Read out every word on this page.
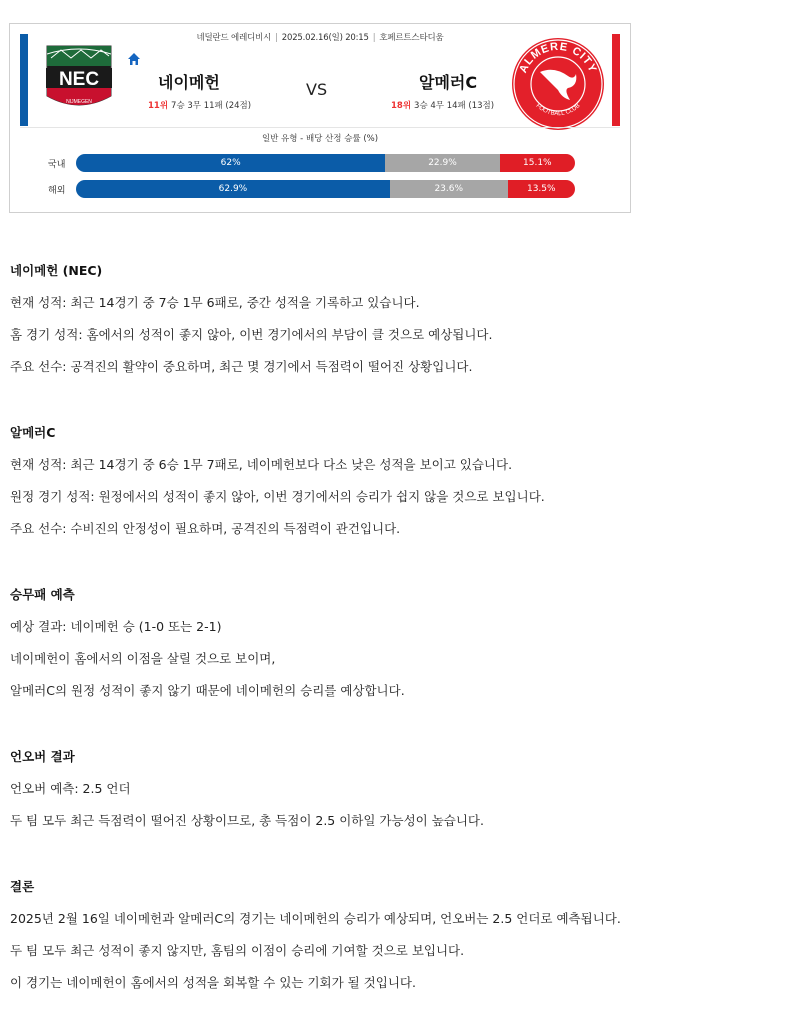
네덜란드 에레디비시 | 2025.02.16(일) 20:15 | 호페르트스타디움
NEC
NIJMEGEN
네이메헌	VS	알메러C
11위 7승 3무 11패 (24점)	18위 3승 4무 14패 (13점)
ALMERE CITY
FOOTBALL CLUB
일반 유형 - 배당 산정 승률 (%)
국내	62%	22.9%	15.1%
해외	62.9%	23.6%	13.5%
네이메헌 (NEC)
현재 성적: 최근 14경기 중 7승 1무 6패로, 중간 성적을 기록하고 있습니다.
홈 경기 성적: 홈에서의 성적이 좋지 않아, 이번 경기에서의 부담이 클 것으로 예상됩니다.
주요 선수: 공격진의 활약이 중요하며, 최근 몇 경기에서 득점력이 떨어진 상황입니다.
알메러C
현재 성적: 최근 14경기 중 6승 1무 7패로, 네이메헌보다 다소 낮은 성적을 보이고 있습니다.
원정 경기 성적: 원정에서의 성적이 좋지 않아, 이번 경기에서의 승리가 쉽지 않을 것으로 보입니다.
주요 선수: 수비진의 안정성이 필요하며, 공격진의 득점력이 관건입니다.
승무패 예측
예상 결과: 네이메헌 승 (1-0 또는 2-1)
네이메헌이 홈에서의 이점을 살릴 것으로 보이며,
알메러C의 원정 성적이 좋지 않기 때문에 네이메헌의 승리를 예상합니다.
언오버 결과
언오버 예측: 2.5 언더
두 팀 모두 최근 득점력이 떨어진 상황이므로, 총 득점이 2.5 이하일 가능성이 높습니다.
결론
2025년 2월 16일 네이메헌과 알메러C의 경기는 네이메헌의 승리가 예상되며, 언오버는 2.5 언더로 예측됩니다.
두 팀 모두 최근 성적이 좋지 않지만, 홈팀의 이점이 승리에 기여할 것으로 보입니다.
이 경기는 네이메헌이 홈에서의 성적을 회복할 수 있는 기회가 될 것입니다.
